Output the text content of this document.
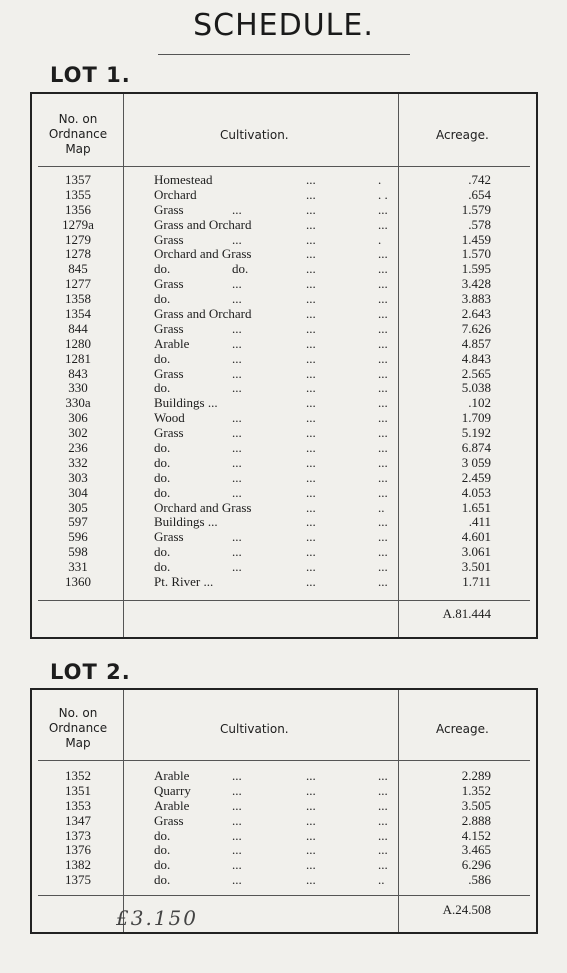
SCHEDULE.
LOT 1.
No. on
Ordnance
Map
Cultivation.	Acreage.
1357	Homestead	...	.	.742
1355	Orchard	...	. .	.654
1356	Grass	...	...	...	1.579
1279a	Grass and Orchard	...	...	.578
1279	Grass	...	...	.	1.459
1278	Orchard and Grass	...	...	1.570
845	do.	do.	...	...	1.595
1277	Grass	...	...	...	3.428
1358	do.	...	...	...	3.883
1354	Grass and Orchard	...	...	2.643
844	Grass	...	...	...	7.626
1280	Arable	...	...	...	4.857
1281	do.	...	...	...	4.843
843	Grass	...	...	...	2.565
330	do.	...	...	...	5.038
330a	Buildings ...	...	...	.102
306	Wood	...	...	...	1.709
302	Grass	...	...	...	5.192
236	do.	...	...	...	6.874
332	do.	...	...	...	3 059
303	do.	...	...	...	2.459
304	do.	...	...	...	4.053
305	Orchard and Grass	...	..	1.651
597	Buildings ...	...	...	.411
596	Grass	...	...	...	4.601
598	do.	...	...	...	3.061
331	do.	...	...	...	3.501
1360	Pt. River ...	...	...	1.711
A.81.444
LOT 2.
No. on
Ordnance
Map
Cultivation.	Acreage.
1352	Arable	...	...	...	2.289
1351	Quarry	...	...	...	1.352
1353	Arable	...	...	...	3.505
1347	Grass	...	...	...	2.888
1373	do.	...	...	...	4.152
1376	do.	...	...	...	3.465
1382	do.	...	...	...	6.296
1375	do.	...	...	..	.586
A.24.508
£3.150
